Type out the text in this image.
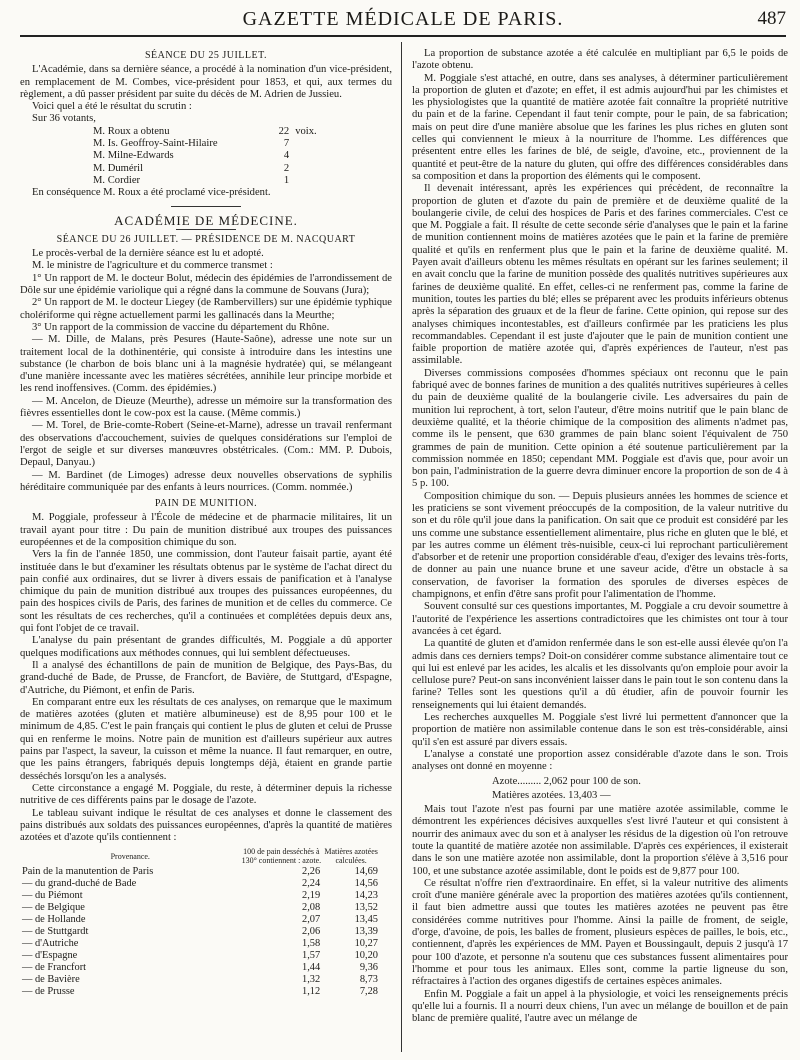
GAZETTE MÉDICALE DE PARIS.	487
SÉANCE DU 25 JUILLET.

L'Académie, dans sa dernière séance, a procédé à la nomination d'un vice-président, en remplacement de M. Combes, vice-président pour 1853, et qui, aux termes du règlement, a dû passer président par suite du décès de M. Adrien de Jussieu.

Voici quel a été le résultat du scrutin :

Sur 36 votants,

M. Roux a obtenu	22	voix.
M. Is. Geoffroy-Saint-Hilaire	7	
M. Milne-Edwards	4	
M. Duméril	2	
M. Cordier	1	

En conséquence M. Roux a été proclamé vice-président.

ACADÉMIE DE MÉDECINE.
SÉANCE DU 26 JUILLET. — PRÉSIDENCE DE M. NACQUART

Le procès-verbal de la dernière séance est lu et adopté.

M. le ministre de l'agriculture et du commerce transmet :

1° Un rapport de M. le docteur Bolut, médecin des épidémies de l'arrondissement de Dôle sur une épidémie variolique qui a régné dans la commune de Souvans (Jura);

2° Un rapport de M. le docteur Liegey (de Rambervillers) sur une épidémie typhique cholériforme qui règne actuellement parmi les gallinacés dans la Meurthe;

3° Un rapport de la commission de vaccine du département du Rhône.

— M. Dille, de Malans, près Pesures (Haute-Saône), adresse une note sur un traitement local de la dothinentérie, qui consiste à introduire dans les intestins une substance (le charbon de bois blanc uni à la magnésie hydratée) qui, se mélangeant d'une manière incessante avec les matières sécrétées, annihile leur principe morbide et les rend inoffensives. (Comm. des épidémies.)

— M. Ancelon, de Dieuze (Meurthe), adresse un mémoire sur la transformation des fièvres essentielles dont le cow-pox est la cause. (Même commis.)

— M. Torel, de Brie-comte-Robert (Seine-et-Marne), adresse un travail renfermant des observations d'accouchement, suivies de quelques considérations sur l'emploi de l'ergot de seigle et sur diverses manœuvres obstétricales. (Com.: MM. P. Dubois, Depaul, Danyau.)

— M. Bardinet (de Limoges) adresse deux nouvelles observations de syphilis héréditaire communiquée par des enfants à leurs nourrices. (Comm. nommée.)

PAIN DE MUNITION.

M. Poggiale, professeur à l'École de médecine et de pharmacie militaires, lit un travail ayant pour titre : Du pain de munition distribué aux troupes des puissances européennes et de la composition chimique du son.

Vers la fin de l'année 1850, une commission, dont l'auteur faisait partie, ayant été instituée dans le but d'examiner les résultats obtenus par le système de l'achat direct du pain confié aux ordinaires, dut se livrer à divers essais de panification et à l'analyse chimique du pain de munition distribué aux troupes des puissances européennes, du pain des hospices civils de Paris, des farines de munition et de celles du commerce. Ce sont les résultats de ces recherches, qu'il a continuées et complétées depuis deux ans, qui font l'objet de ce travail.

L'analyse du pain présentant de grandes difficultés, M. Poggiale a dû apporter quelques modifications aux méthodes connues, qui lui semblent défectueuses.

Il a analysé des échantillons de pain de munition de Belgique, des Pays-Bas, du grand-duché de Bade, de Prusse, de Francfort, de Bavière, de Stuttgard, d'Espagne, d'Autriche, du Piémont, et enfin de Paris.

En comparant entre eux les résultats de ces analyses, on remarque que le maximum de matières azotées (gluten et matière albumineuse) est de 8,95 pour 100 et le minimum de 4,85. C'est le pain français qui contient le plus de gluten et celui de Prusse qui en renferme le moins. Notre pain de munition est d'ailleurs supérieur aux autres pains par l'aspect, la saveur, la cuisson et même la nuance. Il faut remarquer, en outre, que les pains étrangers, fabriqués depuis longtemps déjà, étaient en grande partie desséchés lorsqu'on les a analysés.

Cette circonstance a engagé M. Poggiale, du reste, à déterminer depuis la richesse nutritive de ces différents pains par le dosage de l'azote.

Le tableau suivant indique le résultat de ces analyses et donne le classement des pains distribués aux soldats des puissances européennes, d'après la quantité de matières azotées et d'azote qu'ils contiennent :

Provenance.	100 de pain desséchés à 130° contiennent : azote.	Matières azotées calculées.
Pain de la manutention de Paris	2,26	14,69
— du grand-duché de Bade	2,24	14,56
— du Piémont	2,19	14,23
— de Belgique	2,08	13,52
— de Hollande	2,07	13,45
— de Stuttgardt	2,06	13,39
— d'Autriche	1,58	10,27
— d'Espagne	1,57	10,20
— de Francfort	1,44	9,36
— de Bavière	1,32	8,73
— de Prusse	1,12	7,28

La proportion de substance azotée a été calculée en multipliant par 6,5 le poids de l'azote obtenu.

M. Poggiale s'est attaché, en outre, dans ses analyses, à déterminer particulièrement la proportion de gluten et d'azote; en effet, il est admis aujourd'hui par les chimistes et les physiologistes que la quantité de matière azotée fait connaître la propriété nutritive du pain et de la farine. Cependant il faut tenir compte, pour le pain, de sa fabrication; mais on peut dire d'une manière absolue que les farines les plus riches en gluten sont celles qui conviennent le mieux à la nourriture de l'homme. Les différences que présentent entre elles les farines de blé, de seigle, d'avoine, etc., proviennent de la quantité et peut-être de la nature du gluten, qui offre des différences considérables dans sa composition et dans la proportion des éléments qui le composent.

Il devenait intéressant, après les expériences qui précèdent, de reconnaître la proportion de gluten et d'azote du pain de première et de deuxième qualité de la boulangerie civile, de celui des hospices de Paris et des farines commerciales. C'est ce que M. Poggiale a fait. Il résulte de cette seconde série d'analyses que le pain et la farine de munition contiennent moins de matières azotées que le pain et la farine de première qualité et qu'ils en renferment plus que le pain et la farine de deuxième qualité. M. Payen avait d'ailleurs obtenu les mêmes résultats en opérant sur les farines seulement; il en avait conclu que la farine de munition possède des qualités nutritives supérieures aux farines de deuxième qualité. En effet, celles-ci ne renferment pas, comme la farine de munition, toutes les parties du blé; elles se préparent avec les produits inférieurs obtenus après la séparation des gruaux et de la fleur de farine. Cette opinion, qui repose sur des analyses chimiques incontestables, est d'ailleurs confirmée par les praticiens les plus recommandables. Cependant il est juste d'ajouter que le pain de munition contient une faible proportion de matière azotée qui, d'après expériences de l'auteur, n'est pas assimilable.

Diverses commissions composées d'hommes spéciaux ont reconnu que le pain fabriqué avec de bonnes farines de munition a des qualités nutritives supérieures à celles du pain de deuxième qualité de la boulangerie civile. Les adversaires du pain de munition lui reprochent, à tort, selon l'auteur, d'être moins nutritif que le pain blanc de deuxième qualité, et la théorie chimique de la composition des aliments n'admet pas, comme ils le pensent, que 630 grammes de pain blanc soient l'équivalent de 750 grammes de pain de munition. Cette opinion a été soutenue particulièrement par la commission nommée en 1850; cependant MM. Poggiale est d'avis que, pour avoir un bon pain, l'administration de la guerre devra diminuer encore la proportion de son de 4 à 5 p. 100.

Composition chimique du son. — Depuis plusieurs années les hommes de science et les praticiens se sont vivement préoccupés de la composition, de la valeur nutritive du son et du rôle qu'il joue dans la panification. On sait que ce produit est considéré par les uns comme une substance essentiellement alimentaire, plus riche en gluten que le blé, et par les autres comme un élément très-nuisible, ceux-ci lui reprochant particulièrement d'absorber et de retenir une proportion considérable d'eau, d'exiger des levains très-forts, de donner au pain une nuance brune et une saveur acide, d'être un obstacle à sa conservation, de favoriser la formation des sporules de diverses espèces de champignons, et enfin d'être sans profit pour l'alimentation de l'homme.

Souvent consulté sur ces questions importantes, M. Poggiale a cru devoir soumettre à l'autorité de l'expérience les assertions contradictoires que les chimistes ont tour à tour avancées à cet égard.

La quantité de gluten et d'amidon renfermée dans le son est-elle aussi élevée qu'on l'a admis dans ces derniers temps? Doit-on considérer comme substance alimentaire tout ce qui lui est enlevé par les acides, les alcalis et les dissolvants qu'on emploie pour avoir la cellulose pure? Peut-on sans inconvénient laisser dans le pain tout le son contenu dans la farine? Telles sont les questions qu'il a dû étudier, afin de pouvoir fournir les renseignements qui lui étaient demandés.

Les recherches auxquelles M. Poggiale s'est livré lui permettent d'annoncer que la proportion de matière non assimilable contenue dans le son est très-considérable, ainsi qu'il s'en est assuré par divers essais.

L'analyse a constaté une proportion assez considérable d'azote dans le son. Trois analyses ont donné en moyenne :

Azote......... 2,062 pour 100 de son.
Matières azotées. 13,403 —

Mais tout l'azote n'est pas fourni par une matière azotée assimilable, comme le démontrent les expériences décisives auxquelles s'est livré l'auteur et qui consistent à nourrir des animaux avec du son et à analyser les résidus de la digestion où l'on retrouve toute la quantité de matière azotée non assimilable. D'après ces expériences, il existerait dans le son une matière azotée non assimilable, dont la proportion s'élève à 3,516 pour 100, et une substance azotée assimilable, dont le poids est de 9,877 pour 100.

Ce résultat n'offre rien d'extraordinaire. En effet, si la valeur nutritive des aliments croît d'une manière générale avec la proportion des matières azotées qu'ils contiennent, il faut bien admettre aussi que toutes les matières azotées ne peuvent pas être considérées comme nutritives pour l'homme. Ainsi la paille de froment, de seigle, d'orge, d'avoine, de pois, les balles de froment, plusieurs espèces de pailles, le bois, etc., contiennent, d'après les expériences de MM. Payen et Boussingault, depuis 2 jusqu'à 17 pour 100 d'azote, et personne n'a soutenu que ces substances fussent alimentaires pour l'homme et pour tous les animaux. Elles sont, comme la partie ligneuse du son, réfractaires à l'action des organes digestifs de certaines espèces animales.

Enfin M. Poggiale a fait un appel à la physiologie, et voici les renseignements précis qu'elle lui a fournis. Il a nourri deux chiens, l'un avec un mélange de bouillon et de pain blanc de première qualité, l'autre avec un mélange de
